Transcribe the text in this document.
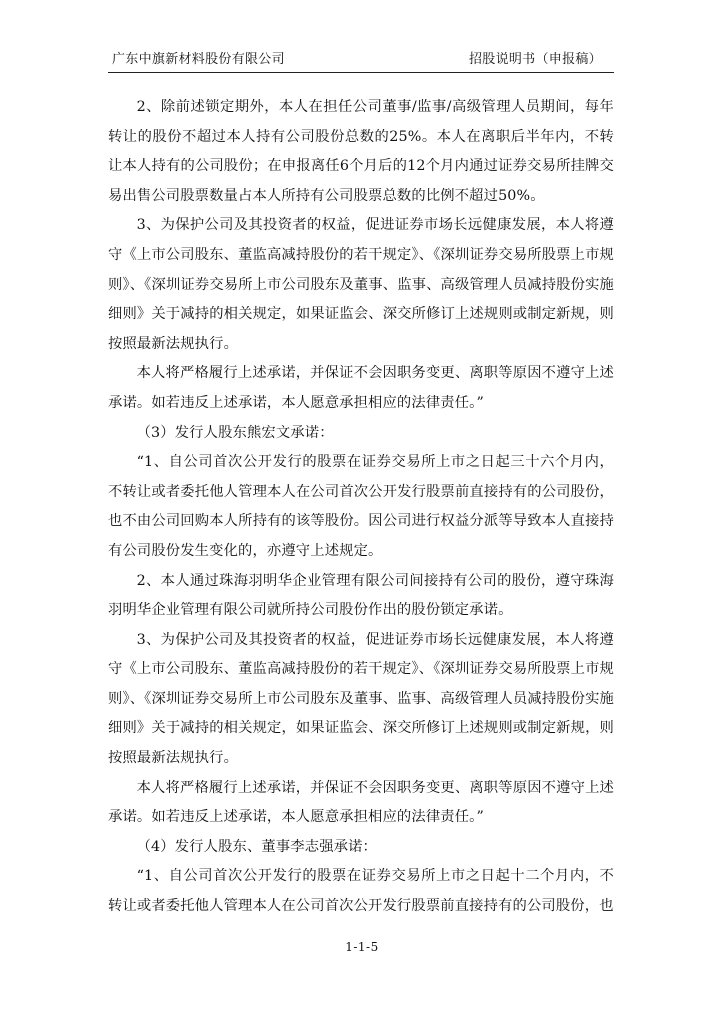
广东中旗新材料股份有限公司	招股说明书（申报稿）

2、除前述锁定期外，本人在担任公司董事/监事/高级管理人员期间，每年转让的股份不超过本人持有公司股份总数的25%。本人在离职后半年内，不转让本人持有的公司股份；在申报离任6个月后的12个月内通过证券交易所挂牌交易出售公司股票数量占本人所持有公司股票总数的比例不超过50%。

3、为保护公司及其投资者的权益，促进证券市场长远健康发展，本人将遵守《上市公司股东、董监高减持股份的若干规定》、《深圳证券交易所股票上市规则》、《深圳证券交易所上市公司股东及董事、监事、高级管理人员减持股份实施细则》关于减持的相关规定，如果证监会、深交所修订上述规则或制定新规，则按照最新法规执行。

本人将严格履行上述承诺，并保证不会因职务变更、离职等原因不遵守上述承诺。如若违反上述承诺，本人愿意承担相应的法律责任。”

（3）发行人股东熊宏文承诺：

“1、自公司首次公开发行的股票在证券交易所上市之日起三十六个月内，不转让或者委托他人管理本人在公司首次公开发行股票前直接持有的公司股份，也不由公司回购本人所持有的该等股份。因公司进行权益分派等导致本人直接持有公司股份发生变化的，亦遵守上述规定。

2、本人通过珠海羽明华企业管理有限公司间接持有公司的股份，遵守珠海羽明华企业管理有限公司就所持公司股份作出的股份锁定承诺。

3、为保护公司及其投资者的权益，促进证券市场长远健康发展，本人将遵守《上市公司股东、董监高减持股份的若干规定》、《深圳证券交易所股票上市规则》、《深圳证券交易所上市公司股东及董事、监事、高级管理人员减持股份实施细则》关于减持的相关规定，如果证监会、深交所修订上述规则或制定新规，则按照最新法规执行。

本人将严格履行上述承诺，并保证不会因职务变更、离职等原因不遵守上述承诺。如若违反上述承诺，本人愿意承担相应的法律责任。”

（4）发行人股东、董事李志强承诺：

“1、自公司首次公开发行的股票在证券交易所上市之日起十二个月内，不转让或者委托他人管理本人在公司首次公开发行股票前直接持有的公司股份，也

1-1-5
